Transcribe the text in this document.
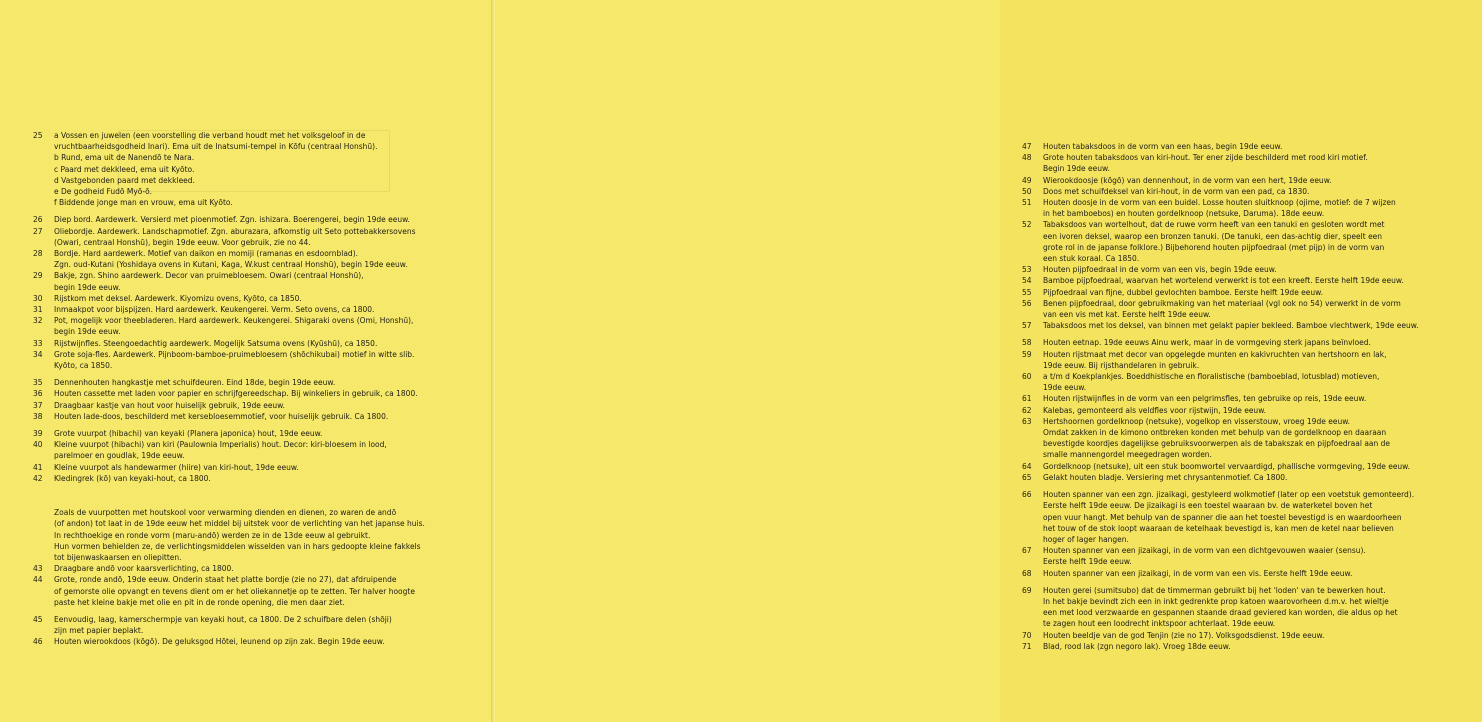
25	a Vossen en juwelen (een voorstelling die verband houdt met het volksgeloof in de
vruchtbaarheidsgodheid Inari). Ema uit de Inatsumi-tempel in Kōfu (centraal Honshū).
b Rund, ema uit de Nanendō te Nara.
c Paard met dekkleed, ema uit Kyōto.
d Vastgebonden paard met dekkleed.
e De godheid Fudō Myō-ō.
f Biddende jonge man en vrouw, ema uit Kyōto.
26	Diep bord. Aardewerk. Versierd met pioenmotief. Zgn. ishizara. Boerengerei, begin 19de eeuw.
27	Oliebordje. Aardewerk. Landschapmotief. Zgn. aburazara, afkomstig uit Seto pottebakkersovens
(Owari, centraal Honshū), begin 19de eeuw. Voor gebruik, zie no 44.
28	Bordje. Hard aardewerk. Motief van daikon en momiji (ramanas en esdoornblad).
Zgn. oud-Kutani (Yoshidaya ovens in Kutani, Kaga, W.kust centraal Honshū), begin 19de eeuw.
29	Bakje, zgn. Shino aardewerk. Decor van pruimebloesem. Owari (centraal Honshū),
begin 19de eeuw.
30	Rijstkom met deksel. Aardewerk. Kiyomizu ovens, Kyōto, ca 1850.
31	Inmaakpot voor bijspijzen. Hard aardewerk. Keukengerei. Verm. Seto ovens, ca 1800.
32	Pot, mogelijk voor theebladeren. Hard aardewerk. Keukengerei. Shigaraki ovens (Omi, Honshū),
begin 19de eeuw.
33	Rijstwijnfles. Steengoedachtig aardewerk. Mogelijk Satsuma ovens (Kyūshū), ca 1850.
34	Grote soja-fles. Aardewerk. Pijnboom-bamboe-pruimebloesem (shōchikubai) motief in witte slib.
Kyōto, ca 1850.
35	Dennenhouten hangkastje met schuifdeuren. Eind 18de, begin 19de eeuw.
36	Houten cassette met laden voor papier en schrijfgereedschap. Bij winkeliers in gebruik, ca 1800.
37	Draagbaar kastje van hout voor huiselijk gebruik, 19de eeuw.
38	Houten lade-doos, beschilderd met kersebloesemmotief, voor huiselijk gebruik. Ca 1800.
39	Grote vuurpot (hibachi) van keyaki (Planera japonica) hout, 19de eeuw.
40	Kleine vuurpot (hibachi) van kiri (Paulownia Imperialis) hout. Decor: kiri-bloesem in lood,
parelmoer en goudlak, 19de eeuw.
41	Kleine vuurpot als handewarmer (hiire) van kiri-hout, 19de eeuw.
42	Kledingrek (kō) van keyaki-hout, ca 1800.
Zoals de vuurpotten met houtskool voor verwarming dienden en dienen, zo waren de andō
(of andon) tot laat in de 19de eeuw het middel bij uitstek voor de verlichting van het japanse huis.
In rechthoekige en ronde vorm (maru-andō) werden ze in de 13de eeuw al gebruikt.
Hun vormen behielden ze, de verlichtingsmiddelen wisselden van in hars gedoopte kleine fakkels
tot bijenwaskaarsen en oliepitten.
43	Draagbare andō voor kaarsverlichting, ca 1800.
44	Grote, ronde andō, 19de eeuw. Onderin staat het platte bordje (zie no 27), dat afdruipende
of gemorste olie opvangt en tevens dient om er het oliekannetje op te zetten. Ter halver hoogte
paste het kleine bakje met olie en pit in de ronde opening, die men daar ziet.
45	Eenvoudig, laag, kamerschermpje van keyaki hout, ca 1800. De 2 schuifbare delen (shōji)
zijn met papier beplakt.
46	Houten wierookdoos (kōgō). De geluksgod Hōtei, leunend op zijn zak. Begin 19de eeuw.
47	Houten tabaksdoos in de vorm van een haas, begin 19de eeuw.
48	Grote houten tabaksdoos van kiri-hout. Ter ener zijde beschilderd met rood kiri motief.
Begin 19de eeuw.
49	Wierookdoosje (kōgō) van dennenhout, in de vorm van een hert, 19de eeuw.
50	Doos met schuifdeksel van kiri-hout, in de vorm van een pad, ca 1830.
51	Houten doosje in de vorm van een buidel. Losse houten sluitknoop (ojime, motief: de 7 wijzen
in het bamboebos) en houten gordelknoop (netsuke, Daruma). 18de eeuw.
52	Tabaksdoos van wortelhout, dat de ruwe vorm heeft van een tanuki en gesloten wordt met
een ivoren deksel, waarop een bronzen tanuki. (De tanuki, een das-achtig dier, speelt een
grote rol in de japanse folklore.) Bijbehorend houten pijpfoedraal (met pijp) in de vorm van
een stuk koraal. Ca 1850.
53	Houten pijpfoedraal in de vorm van een vis, begin 19de eeuw.
54	Bamboe pijpfoedraal, waarvan het wortelend verwerkt is tot een kreeft. Eerste helft 19de eeuw.
55	Pijpfoedraal van fijne, dubbel gevlochten bamboe. Eerste helft 19de eeuw.
56	Benen pijpfoedraal, door gebruikmaking van het materiaal (vgl ook no 54) verwerkt in de vorm
van een vis met kat. Eerste helft 19de eeuw.
57	Tabaksdoos met los deksel, van binnen met gelakt papier bekleed. Bamboe vlechtwerk, 19de eeuw.
58	Houten eetnap. 19de eeuws Ainu werk, maar in de vormgeving sterk japans beïnvloed.
59	Houten rijstmaat met decor van opgelegde munten en kakivruchten van hertshoorn en lak,
19de eeuw. Bij rijsthandelaren in gebruik.
60	a t/m d Koekplankjes. Boeddhistische en floralistische (bamboeblad, lotusblad) motieven,
19de eeuw.
61	Houten rijstwijnfles in de vorm van een pelgrimsfles, ten gebruike op reis, 19de eeuw.
62	Kalebas, gemonteerd als veldfles voor rijstwijn, 19de eeuw.
63	Hertshoornen gordelknoop (netsuke), vogelkop en visserstouw, vroeg 19de eeuw.
Omdat zakken in de kimono ontbreken konden met behulp van de gordelknoop en daaraan
bevestigde koordjes dagelijkse gebruiksvoorwerpen als de tabakszak en pijpfoedraal aan de
smalle mannengordel meegedragen worden.
64	Gordelknoop (netsuke), uit een stuk boomwortel vervaardigd, phallische vormgeving, 19de eeuw.
65	Gelakt houten bladje. Versiering met chrysantenmotief. Ca 1800.
66	Houten spanner van een zgn. jizaikagi, gestyleerd wolkmotief (later op een voetstuk gemonteerd).
Eerste helft 19de eeuw. De jizaikagi is een toestel waaraan bv. de waterketel boven het
open vuur hangt. Met behulp van de spanner die aan het toestel bevestigd is en waardoorheen
het touw of de stok loopt waaraan de ketelhaak bevestigd is, kan men de ketel naar believen
hoger of lager hangen.
67	Houten spanner van een jizaikagi, in de vorm van een dichtgevouwen waaier (sensu).
Eerste helft 19de eeuw.
68	Houten spanner van een jizaikagi, in de vorm van een vis. Eerste helft 19de eeuw.
69	Houten gerei (sumitsubo) dat de timmerman gebruikt bij het 'loden' van te bewerken hout.
In het bakje bevindt zich een in inkt gedrenkte prop katoen waarovorheen d.m.v. het wieltje
een met lood verzwaarde en gespannen staande draad geviered kan worden, die aldus op het
te zagen hout een loodrecht inktspoor achterlaat. 19de eeuw.
70	Houten beeldje van de god Tenjin (zie no 17). Volksgodsdienst. 19de eeuw.
71	Blad, rood lak (zgn negoro lak). Vroeg 18de eeuw.
